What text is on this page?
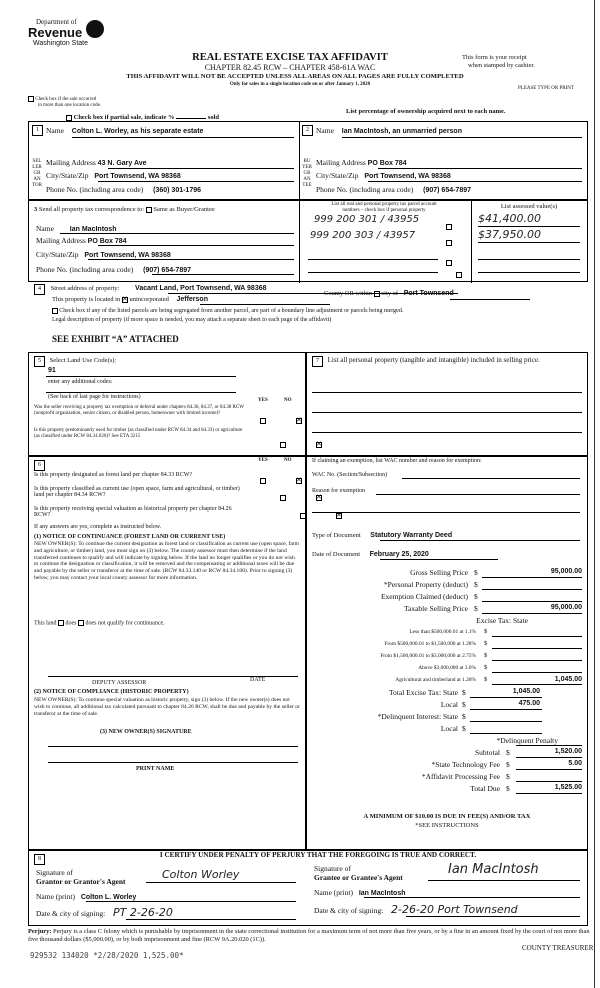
Department of
Revenue
Washington State
REAL ESTATE EXCISE TAX AFFIDAVIT
CHAPTER 82.45 RCW – CHAPTER 458-61A WAC
THIS AFFIDAVIT WILL NOT BE ACCEPTED UNLESS ALL AREAS ON ALL PAGES ARE FULLY COMPLETED
Only for sales in a single location code on or after January 1, 2020
This form is your receipt
when stamped by cashier.
PLEASE TYPE OR PRINT
Check box if the sale occurred
in more than one location code.
Check box if partial sale, indicate %	sold
List percentage of ownership acquired next to each name.
1 Name Colton L. Worley, as his separate estate
SELLER GRANTOR
Mailing Address 43 N. Gary Ave
City/State/Zip Port Townsend, WA 98368
Phone No. (including area code) (360) 301-1796
2 Name Ian MacIntosh, an unmarried person
BUYER GRANTEE
Mailing Address PO Box 784
City/State/Zip Port Townsend, WA 98368
Phone No. (including area code) (907) 654-7897
3 Send all property tax correspondence to: Same as Buyer/Grantee
Name Ian MacIntosh
Mailing Address PO Box 784
City/State/Zip Port Townsend, WA 98368
Phone No. (including area code) (907) 654-7897
List all real and personal property tax parcel account
numbers – check box if personal property
List assessed value(s)
999 200 301 / 43955	$41,400.00
999 200 303 / 43957	$37,950.00

4 Street address of property: Vacant Land, Port Townsend, WA 98368
This property is located in ✕ unincorporated Jefferson
County OR within city of Port Townsend
Check box if any of the listed parcels are being segregated from another parcel, are part of a boundary line adjustment or parcels being merged.
Legal description of property (if more space is needed, you may attach a separate sheet to each page of the affidavit)
SEE EXHIBIT “A” ATTACHED
5 Select Land Use Code(s):
91
enter any additional codes:
(See back of last page for instructions)
YES	NO
Was the seller receiving a property tax exemption or deferral under chapters 84.36, 84.37, or 84.38 RCW (nonprofit organization, senior citizen, or disabled person, homeowner with limited income)?
✕
Is this property predominantly used for timber (as classified under RCW 84.34 and 84.33) or agriculture (as classified under RCW 84.34.020)? See ETA 3215
✕
7 List all personal property (tangible and intangible) included in selling price.
6
YES	NO
Is this property designated as forest land per chapter 84.33 RCW?
✕
Is this property classified as current use (open space, farm and agricultural, or timber) land per chapter 84.34 RCW?
✕
Is this property receiving special valuation as historical property per chapter 84.26 RCW?
✕
If any answers are yes, complete as instructed below.
(1) NOTICE OF CONTINUANCE (FOREST LAND OR CURRENT USE)
NEW OWNER(S): To continue the current designation as forest land or classification as current use (open space, farm and agriculture, or timber) land, you must sign on (3) below. The county assessor must then determine if the land transferred continues to qualify and will indicate by signing below. If the land no longer qualifies or you do not wish to continue the designation or classification, it will be removed and the compensating or additional taxes will be due and payable by the seller or transferor at the time of sale. (RCW 84.33.140 or RCW 84.34.108). Prior to signing (3) below, you may contact your local county assessor for more information.
This land does does not qualify for continuance.
DEPUTY ASSESSOR	DATE
(2) NOTICE OF COMPLIANCE (HISTORIC PROPERTY)
NEW OWNER(S): To continue special valuation as historic property, sign (3) below. If the new owner(s) does not wish to continue, all additional tax calculated pursuant to chapter 84.26 RCW, shall be due and payable by the seller or transferor at the time of sale.
(3) NEW OWNER(S) SIGNATURE
PRINT NAME
If claiming an exemption, list WAC number and reason for exemption:
WAC No. (Section/Subsection)
Reason for exemption
Type of Document Statutory Warranty Deed
Date of Document February 25, 2020
Gross Selling Price $	95,000.00
*Personal Property (deduct) $
Exemption Claimed (deduct) $
Taxable Selling Price $	95,000.00
Excise Tax: State
Less than $500,000.01 at 1.1% $
From $500,000.01 to $1,500,000 at 1.28% $
From $1,500,000.01 to $3,000,000 at 2.75% $
Above $3,000,000 at 3.0% $
Agricultural and timberland at 1.28% $	1,045.00
Total Excise Tax: State $	1,045.00
Local $	475.00
*Delinquent Interest: State $
Local $
*Delinquent Penalty
Subtotal $	1,520.00
*State Technology Fee $	5.00
*Affidavit Processing Fee $
Total Due $	1,525.00
A MINIMUM OF $10.00 IS DUE IN FEE(S) AND/OR TAX
*SEE INSTRUCTIONS
8	I CERTIFY UNDER PENALTY OF PERJURY THAT THE FOREGOING IS TRUE AND CORRECT.
Signature of
Grantor or Grantor's Agent
Colton Worley
Name (print) Colton L. Worley
Date & city of signing: PT 2-26-20
Signature of
Grantee or Grantee's Agent
Ian MacIntosh
Name (print) Ian MacIntosh
Date & city of signing: 2-26-20 Port Townsend
Perjury: Perjury is a class C felony which is punishable by imprisonment in the state correctional institution for a maximum term of not more than five years, or by a fine in an amount fixed by the court of not more than five thousand dollars ($5,000.00), or by both imprisonment and fine (RCW 9A.20.020 (1C)).
929532 134020 *2/28/2020 1,525.00*
COUNTY TREASURER
